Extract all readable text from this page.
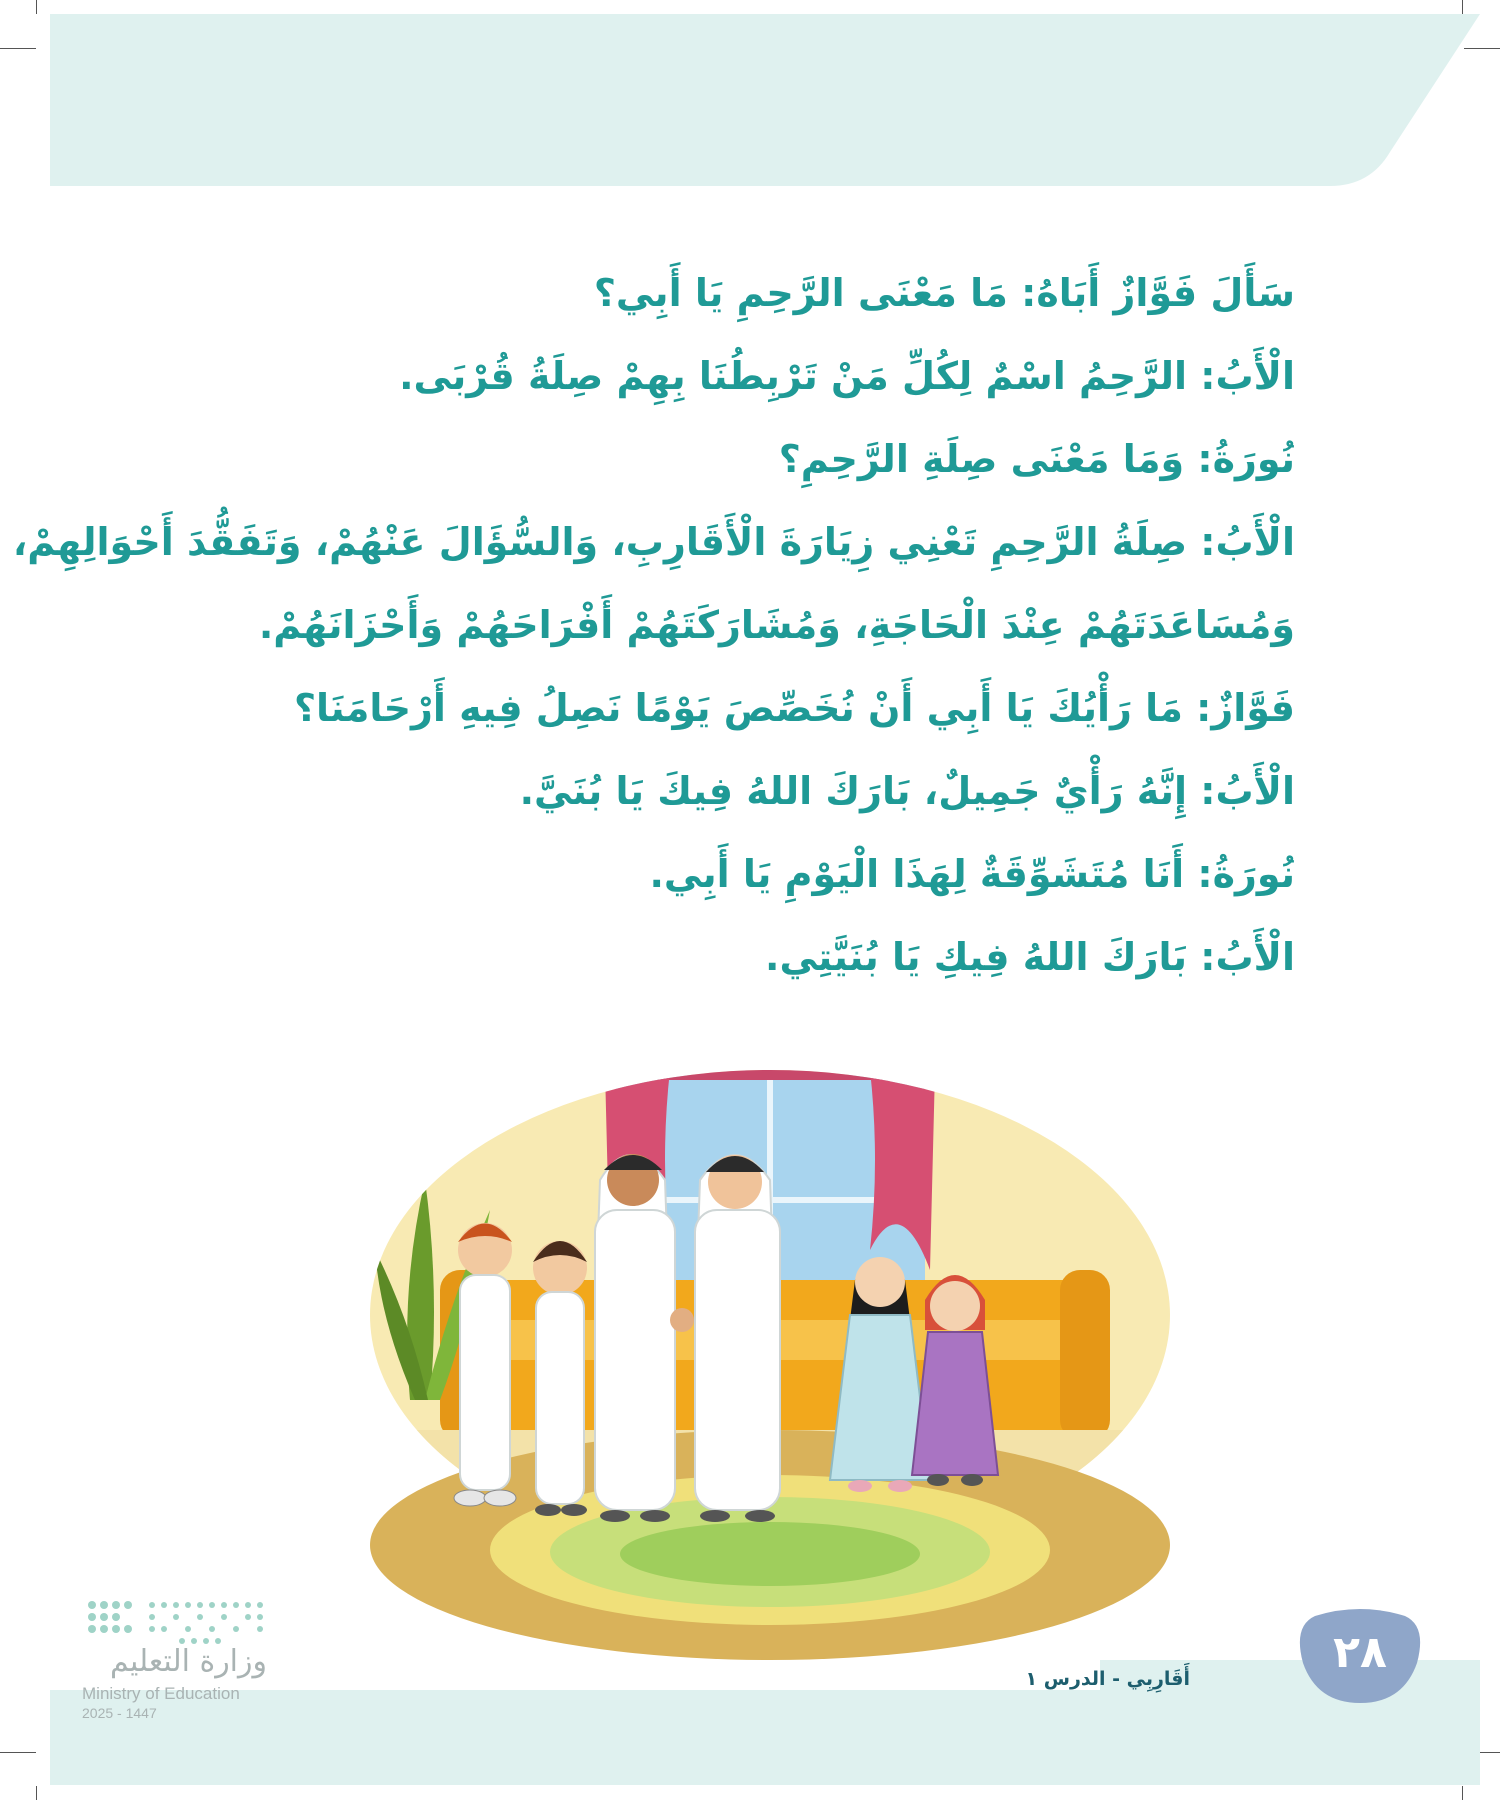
سَأَلَ فَوَّازٌ أَبَاهُ: مَا مَعْنَى الرَّحِمِ يَا أَبِي؟

الْأَبُ: الرَّحِمُ اسْمٌ لِكُلِّ مَنْ تَرْبِطُنَا بِهِمْ صِلَةُ قُرْبَى.

نُورَةُ: وَمَا مَعْنَى صِلَةِ الرَّحِمِ؟

الْأَبُ: صِلَةُ الرَّحِمِ تَعْنِي زِيَارَةَ الْأَقَارِبِ، وَالسُّؤَالَ عَنْهُمْ، وَتَفَقُّدَ أَحْوَالِهِمْ،

وَمُسَاعَدَتَهُمْ عِنْدَ الْحَاجَةِ، وَمُشَارَكَتَهُمْ أَفْرَاحَهُمْ وَأَحْزَانَهُمْ.

فَوَّازٌ: مَا رَأْيُكَ يَا أَبِي أَنْ نُخَصِّصَ يَوْمًا نَصِلُ فِيهِ أَرْحَامَنَا؟

الْأَبُ: إِنَّهُ رَأْيٌ جَمِيلٌ، بَارَكَ اللهُ فِيكَ يَا بُنَيَّ.

نُورَةُ: أَنَا مُتَشَوِّقَةٌ لِهَذَا الْيَوْمِ يَا أَبِي.

الْأَبُ: بَارَكَ اللهُ فِيكِ يَا بُنَيَّتِي.

٢٨
أَقَارِبِي - الدرس ١
وزارة التعليم
Ministry of Education
2025 - 1447
